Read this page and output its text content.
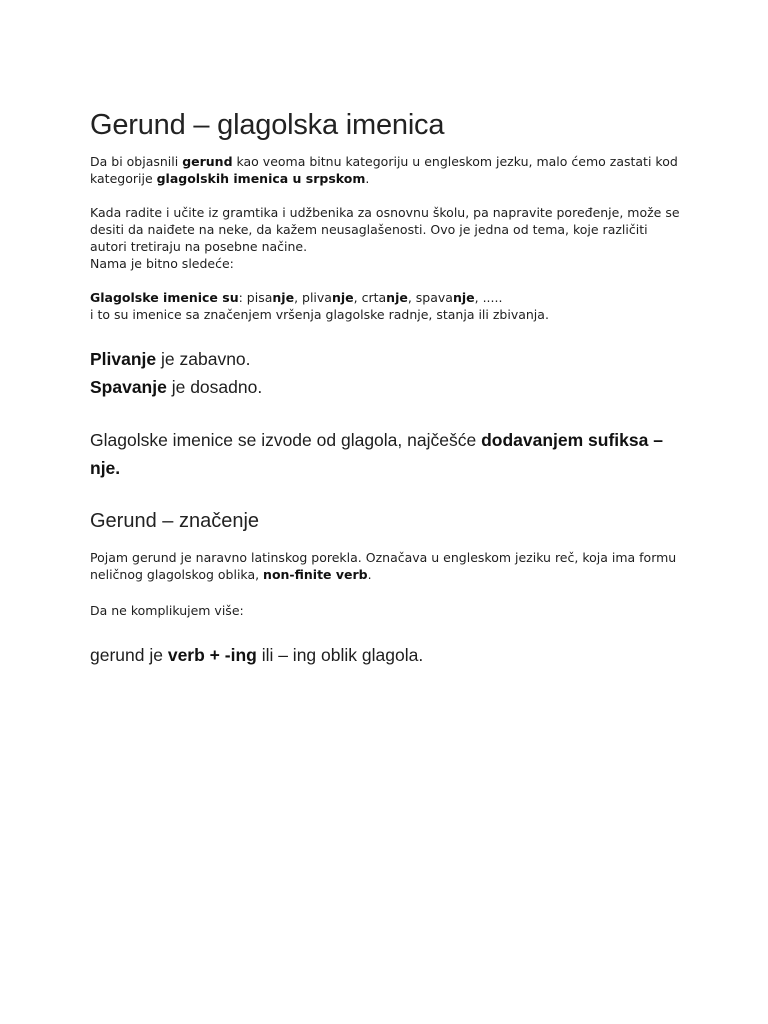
Gerund – glagolska imenica

Da bi objasnili gerund kao veoma bitnu kategoriju u engleskom jezku, malo ćemo zastati kod kategorije glagolskih imenica u srpskom.

Kada radite i učite iz gramtika i udžbenika za osnovnu školu, pa napravite poređenje, može se desiti da naiđete na neke, da kažem neusaglašenosti. Ovo je jedna od tema, koje različiti autori tretiraju na posebne načine.

Nama je bitno sledeće:

Glagolske imenice su: pisanje, plivanje, crtanje, spavanje, .....

i to su imenice sa značenjem vršenja glagolske radnje, stanja ili zbivanja.

Plivanje je zabavno.

Spavanje je dosadno.

Glagolske imenice se izvode od glagola, najčešće dodavanjem sufiksa – nje.

Gerund – značenje

Pojam gerund je naravno latinskog porekla. Označava u engleskom jeziku reč, koja ima formu neličnog glagolskog oblika, non-finite verb.

Da ne komplikujem više:

gerund je verb + -ing ili – ing oblik glagola.
